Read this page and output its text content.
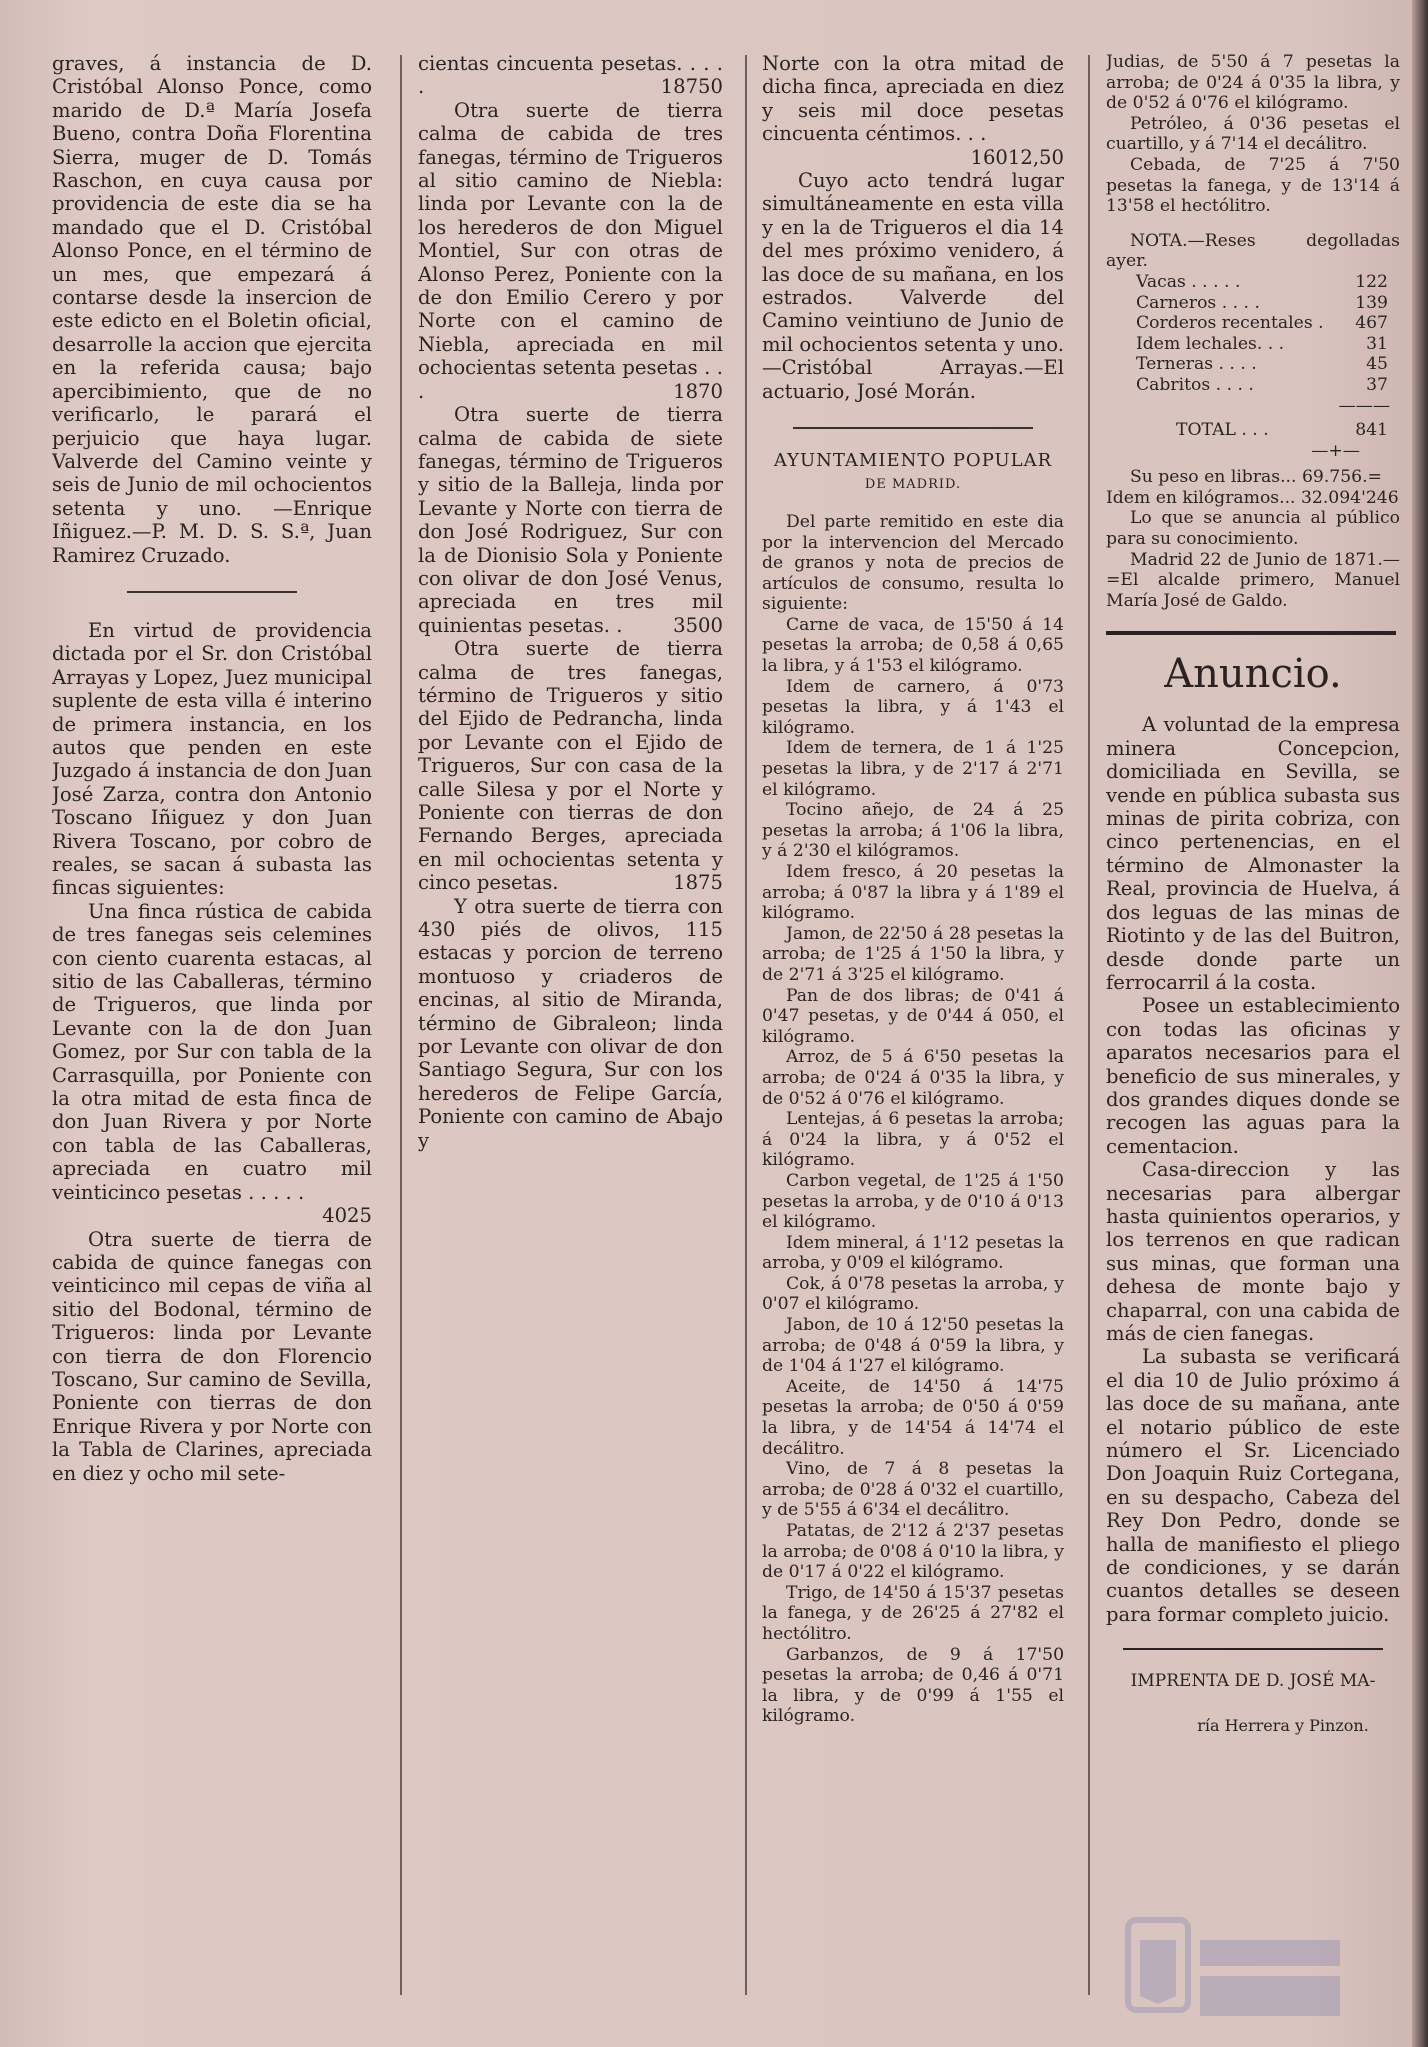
graves, á instancia de D. Cristóbal Alonso Ponce, como marido de D.ª María Josefa Bueno, contra Doña Florentina Sierra, muger de D. Tomás Raschon, en cuya causa por providencia de este dia se ha mandado que el D. Cristóbal Alonso Ponce, en el término de un mes, que empezará á contarse desde la insercion de este edicto en el Boletin oficial, desarrolle la accion que ejercita en la referida causa; bajo apercibimiento, que de no verificarlo, le parará el perjuicio que haya lugar. Valverde del Camino veinte y seis de Junio de mil ochocientos setenta y uno. —Enrique Iñiguez.—P. M. D. S. S.ª, Juan Ramirez Cruzado.

En virtud de providencia dictada por el Sr. don Cristóbal Arrayas y Lopez, Juez municipal suplente de esta villa é interino de primera instancia, en los autos que penden en este Juzgado á instancia de don Juan José Zarza, contra don Antonio Toscano Iñiguez y don Juan Rivera Toscano, por cobro de reales, se sacan á subasta las fincas siguientes:

Una finca rústica de cabida de tres fanegas seis celemines con ciento cuarenta estacas, al sitio de las Caballeras, término de Trigueros, que linda por Levante con la de don Juan Gomez, por Sur con tabla de la Carrasquilla, por Poniente con la otra mitad de esta finca de don Juan Rivera y por Norte con tabla de las Caballeras, apreciada en cuatro mil veinticinco pesetas . . . . .
4025

Otra suerte de tierra de cabida de quince fanegas con veinticinco mil cepas de viña al sitio del Bodonal, término de Trigueros: linda por Levante con tierra de don Florencio Toscano, Sur camino de Sevilla, Poniente con tierras de don Enrique Rivera y por Norte con la Tabla de Clarines, apreciada en diez y ocho mil sete-

cientas cincuenta pesetas. . . . .	18750

Otra suerte de tierra calma de cabida de tres fanegas, término de Trigueros al sitio camino de Niebla: linda por Levante con la de los herederos de don Miguel Montiel, Sur con otras de Alonso Perez, Poniente con la de don Emilio Cerero y por Norte con el camino de Niebla, apreciada en mil ochocientas setenta pesetas . . .	1870

Otra suerte de tierra calma de cabida de siete fanegas, término de Trigueros y sitio de la Balleja, linda por Levante y Norte con tierra de don José Rodriguez, Sur con la de Dionisio Sola y Poniente con olivar de don José Venus, apreciada en tres mil quinientas pesetas. .	3500

Otra suerte de tierra calma de tres fanegas, término de Trigueros y sitio del Ejido de Pedrancha, linda por Levante con el Ejido de Trigueros, Sur con casa de la calle Silesa y por el Norte y Poniente con tierras de don Fernando Berges, apreciada en mil ochocientas setenta y cinco pesetas.	1875

Y otra suerte de tierra con 430 piés de olivos, 115 estacas y porcion de terreno montuoso y criaderos de encinas, al sitio de Miranda, término de Gibraleon; linda por Levante con olivar de don Santiago Segura, Sur con los herederos de Felipe García, Poniente con camino de Abajo y

Norte con la otra mitad de dicha finca, apreciada en diez y seis mil doce pesetas cincuenta céntimos. . .
16012,50

Cuyo acto tendrá lugar simultáneamente en esta villa y en la de Trigueros el dia 14 del mes próximo venidero, á las doce de su mañana, en los estrados. Valverde del Camino veintiuno de Junio de mil ochocientos setenta y uno.—Cristóbal Arrayas.—El actuario, José Morán.

AYUNTAMIENTO POPULAR
DE MADRID.

Del parte remitido en este dia por la intervencion del Mercado de granos y nota de precios de artículos de consumo, resulta lo siguiente:

Carne de vaca, de 15'50 á 14 pesetas la arroba; de 0,58 á 0,65 la libra, y á 1'53 el kilógramo.

Idem de carnero, á 0'73 pesetas la libra, y á 1'43 el kilógramo.

Idem de ternera, de 1 á 1'25 pesetas la libra, y de 2'17 á 2'71 el kilógramo.

Tocino añejo, de 24 á 25 pesetas la arroba; á 1'06 la libra, y á 2'30 el kilógramos.

Idem fresco, á 20 pesetas la arroba; á 0'87 la libra y á 1'89 el kilógramo.

Jamon, de 22'50 á 28 pesetas la arroba; de 1'25 á 1'50 la libra, y de 2'71 á 3'25 el kilógramo.

Pan de dos libras; de 0'41 á 0'47 pesetas, y de 0'44 á 050, el kilógramo.

Arroz, de 5 á 6'50 pesetas la arroba; de 0'24 á 0'35 la libra, y de 0'52 á 0'76 el kilógramo.

Lentejas, á 6 pesetas la arroba; á 0'24 la libra, y á 0'52 el kilógramo.

Carbon vegetal, de 1'25 á 1'50 pesetas la arroba, y de 0'10 á 0'13 el kilógramo.

Idem mineral, á 1'12 pesetas la arroba, y 0'09 el kilógramo.

Cok, á 0'78 pesetas la arroba, y 0'07 el kilógramo.

Jabon, de 10 á 12'50 pesetas la arroba; de 0'48 á 0'59 la libra, y de 1'04 á 1'27 el kilógramo.

Aceite, de 14'50 á 14'75 pesetas la arroba; de 0'50 á 0'59 la libra, y de 14'54 á 14'74 el decálitro.

Vino, de 7 á 8 pesetas la arroba; de 0'28 á 0'32 el cuartillo, y de 5'55 á 6'34 el decálitro.

Patatas, de 2'12 á 2'37 pesetas la arroba; de 0'08 á 0'10 la libra, y de 0'17 á 0'22 el kilógramo.

Trigo, de 14'50 á 15'37 pesetas la fanega, y de 26'25 á 27'82 el hectólitro.

Garbanzos, de 9 á 17'50 pesetas la arroba; de 0,46 á 0'71 la libra, y de 0'99 á 1'55 el kilógramo.

Judias, de 5'50 á 7 pesetas la arroba; de 0'24 á 0'35 la libra, y de 0'52 á 0'76 el kilógramo.

Petróleo, á 0'36 pesetas el cuartillo, y á 7'14 el decálitro.

Cebada, de 7'25 á 7'50 pesetas la fanega, y de 13'14 á 13'58 el hectólitro.

NOTA.—Reses degolladas ayer.

Vacas . . . . .	122
Carneros . . . .	139
Corderos recentales . 467
Idem lechales. . .	31
Terneras . . . .	45
Cabritos . . . .	37
———
TOTAL . . .	841
—+—

Su peso en libras... 69.756.=

Idem en kilógramos... 32.094'246

Lo que se anuncia al público para su conocimiento.

Madrid 22 de Junio de 1871.—=El alcalde primero, Manuel María José de Galdo.

Anuncio.

A voluntad de la empresa minera Concepcion, domiciliada en Sevilla, se vende en pública subasta sus minas de pirita cobriza, con cinco pertenencias, en el término de Almonaster la Real, provincia de Huelva, á dos leguas de las minas de Riotinto y de las del Buitron, desde donde parte un ferrocarril á la costa.

Posee un establecimiento con todas las oficinas y aparatos necesarios para el beneficio de sus minerales, y dos grandes diques donde se recogen las aguas para la cementacion.

Casa-direccion y las necesarias para albergar hasta quinientos operarios, y los terrenos en que radican sus minas, que forman una dehesa de monte bajo y chaparral, con una cabida de más de cien fanegas.

La subasta se verificará el dia 10 de Julio próximo á las doce de su mañana, ante el notario público de este número el Sr. Licenciado Don Joaquin Ruiz Cortegana, en su despacho, Cabeza del Rey Don Pedro, donde se halla de manifiesto el pliego de condiciones, y se darán cuantos detalles se deseen para formar completo juicio.

IMPRENTA DE D. JOSÉ MA-
ría Herrera y Pinzon.
